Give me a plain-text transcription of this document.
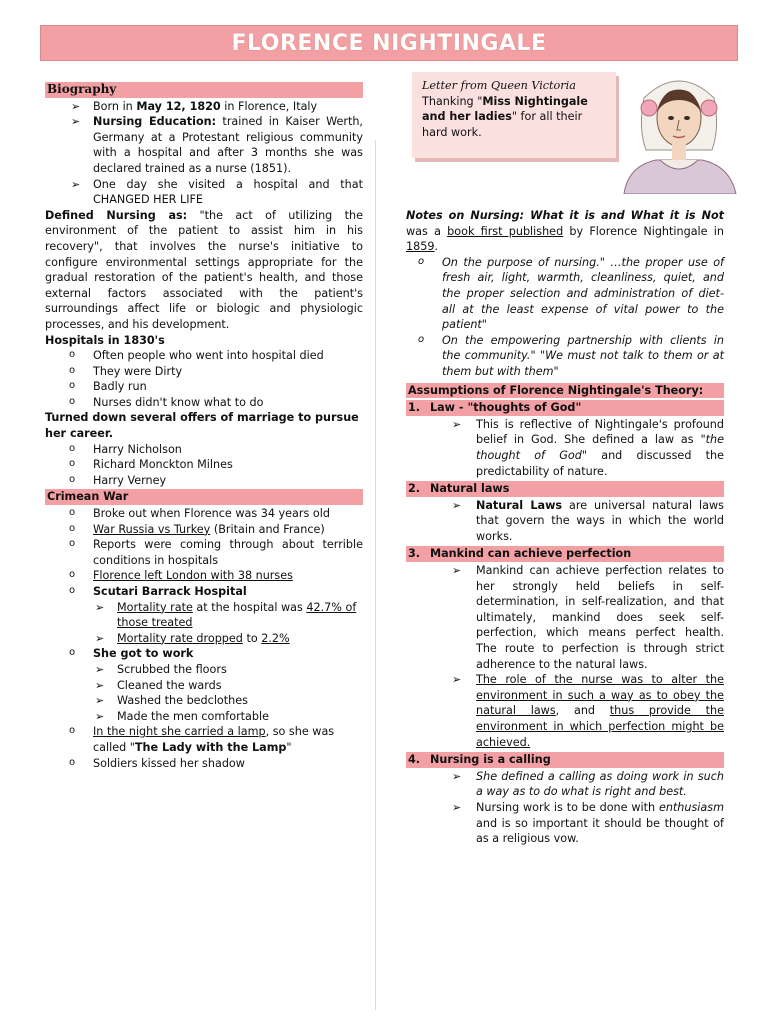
FLORENCE NIGHTINGALE
Letter from Queen Victoria
Thanking "Miss Nightingale and her ladies" for all their hard work.
Biography
➢ Born in May 12, 1820 in Florence, Italy
➢ Nursing Education: trained in Kaiser Werth, Germany at a Protestant religious community with a hospital and after 3 months she was declared trained as a nurse (1851).
➢ One day she visited a hospital and that CHANGED HER LIFE

Defined Nursing as: "the act of utilizing the environment of the patient to assist him in his recovery", that involves the nurse's initiative to configure environmental settings appropriate for the gradual restoration of the patient's health, and those external factors associated with the patient's surroundings affect life or biologic and physiologic processes, and his development.

Hospitals in 1830's
o Often people who went into hospital died
o They were Dirty
o Badly run
o Nurses didn't know what to do
Turned down several offers of marriage to pursue her career.
o Harry Nicholson
o Richard Monckton Milnes
o Harry Verney
Crimean War
o Broke out when Florence was 34 years old
o War Russia vs Turkey (Britain and France)
o Reports were coming through about terrible conditions in hospitals
o Florence left London with 38 nurses
o Scutari Barrack Hospital
➢ Mortality rate at the hospital was 42.7% of those treated
➢ Mortality rate dropped to 2.2%
o She got to work
➢ Scrubbed the floors
➢ Cleaned the wards
➢ Washed the bedclothes
➢ Made the men comfortable
o In the night she carried a lamp, so she was called "The Lady with the Lamp"
o Soldiers kissed her shadow

Notes on Nursing: What it is and What it is Not was a book first published by Florence Nightingale in 1859.

o On the purpose of nursing." …the proper use of fresh air, light, warmth, cleanliness, quiet, and the proper selection and administration of diet- all at the least expense of vital power to the patient"
o On the empowering partnership with clients in the community." "We must not talk to them or at them but with them"
Assumptions of Florence Nightingale's Theory:
1. Law - "thoughts of God"
➢ This is reflective of Nightingale's profound belief in God. She defined a law as "the thought of God" and discussed the predictability of nature.
2. Natural laws
➢ Natural Laws are universal natural laws that govern the ways in which the world works.
3. Mankind can achieve perfection
➢ Mankind can achieve perfection relates to her strongly held beliefs in self-determination, in self-realization, and that ultimately, mankind does seek self-perfection, which means perfect health. The route to perfection is through strict adherence to the natural laws.
➢ The role of the nurse was to alter the environment in such a way as to obey the natural laws, and thus provide the environment in which perfection might be achieved.
4. Nursing is a calling
➢ She defined a calling as doing work in such a way as to do what is right and best.
➢ Nursing work is to be done with enthusiasm and is so important it should be thought of as a religious vow.
